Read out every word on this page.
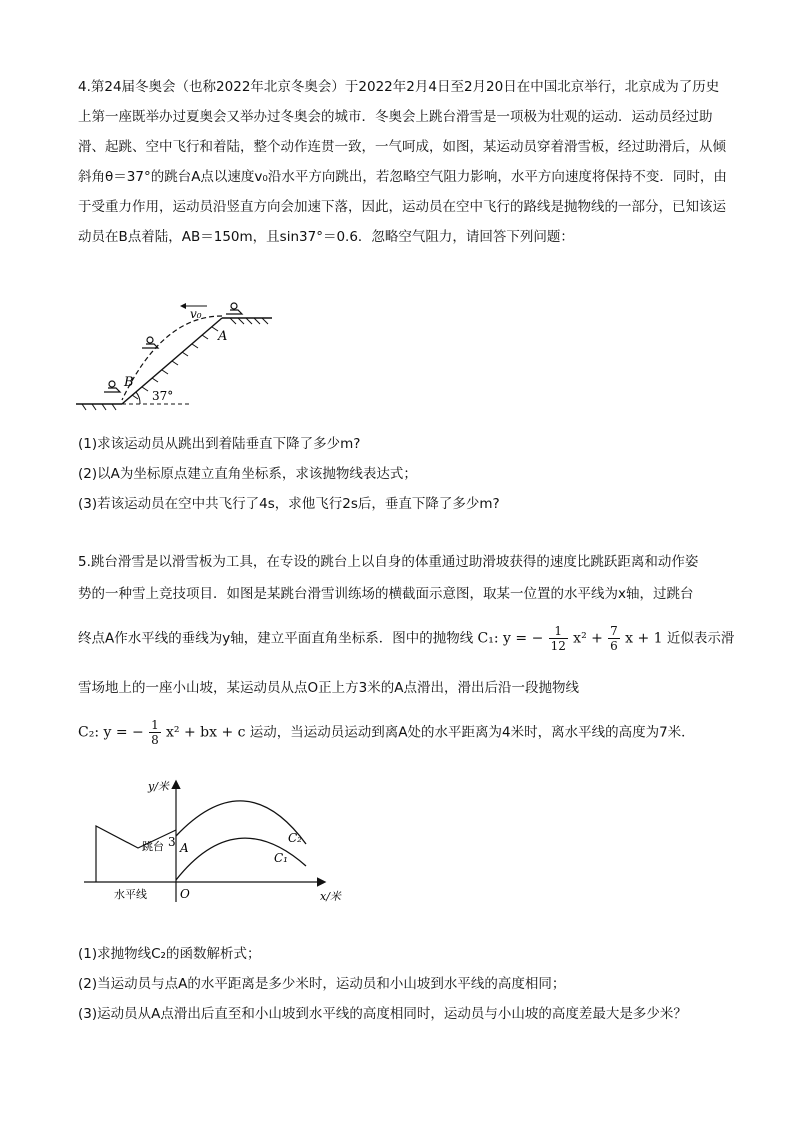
4.第24届冬奥会（也称2022年北京冬奥会）于2022年2月4日至2月20日在中国北京举行，北京成为了历史上第一座既举办过夏奥会又举办过冬奥会的城市．冬奥会上跳台滑雪是一项极为壮观的运动．运动员经过助滑、起跳、空中飞行和着陆，整个动作连贯一致，一气呵成，如图，某运动员穿着滑雪板，经过助滑后，从倾斜角θ＝37°的跳台A点以速度v₀沿水平方向跳出，若忽略空气阻力影响，水平方向速度将保持不变．同时，由于受重力作用，运动员沿竖直方向会加速下落，因此，运动员在空中飞行的路线是抛物线的一部分，已知该运动员在B点着陆，AB＝150m，且sin37°＝0.6．忽略空气阻力，请回答下列问题：

v₀
A
B
37°
(1)求该运动员从跳出到着陆垂直下降了多少m?
(2)以A为坐标原点建立直角坐标系，求该抛物线表达式；
(3)若该运动员在空中共飞行了4s，求他飞行2s后，垂直下降了多少m?
5.跳台滑雪是以滑雪板为工具，在专设的跳台上以自身的体重通过助滑坡获得的速度比跳跃距离和动作姿
势的一种雪上竞技项目．如图是某跳台滑雪训练场的横截面示意图，取某一位置的水平线为x轴，过跳台
终点A作水平线的垂线为y轴，建立平面直角坐标系．图中的抛物线 C₁: y = − $\frac{1}{12} x^2 + \frac{7}{6}$ x + 1 近似表示滑
雪场地上的一座小山坡，某运动员从点O正上方3米的A点滑出，滑出后沿一段抛物线
C₂: y = − $\frac{1}{8} x^2$ + bx + c 运动，当运动员运动到离A处的水平距离为4米时，离水平线的高度为7米．
y/米
x/米
O
A
3
跳台
水平线
C₁
C₂
(1)求抛物线C₂的函数解析式；
(2)当运动员与点A的水平距离是多少米时，运动员和小山坡到水平线的高度相同；
(3)运动员从A点滑出后直至和小山坡到水平线的高度相同时，运动员与小山坡的高度差最大是多少米？
